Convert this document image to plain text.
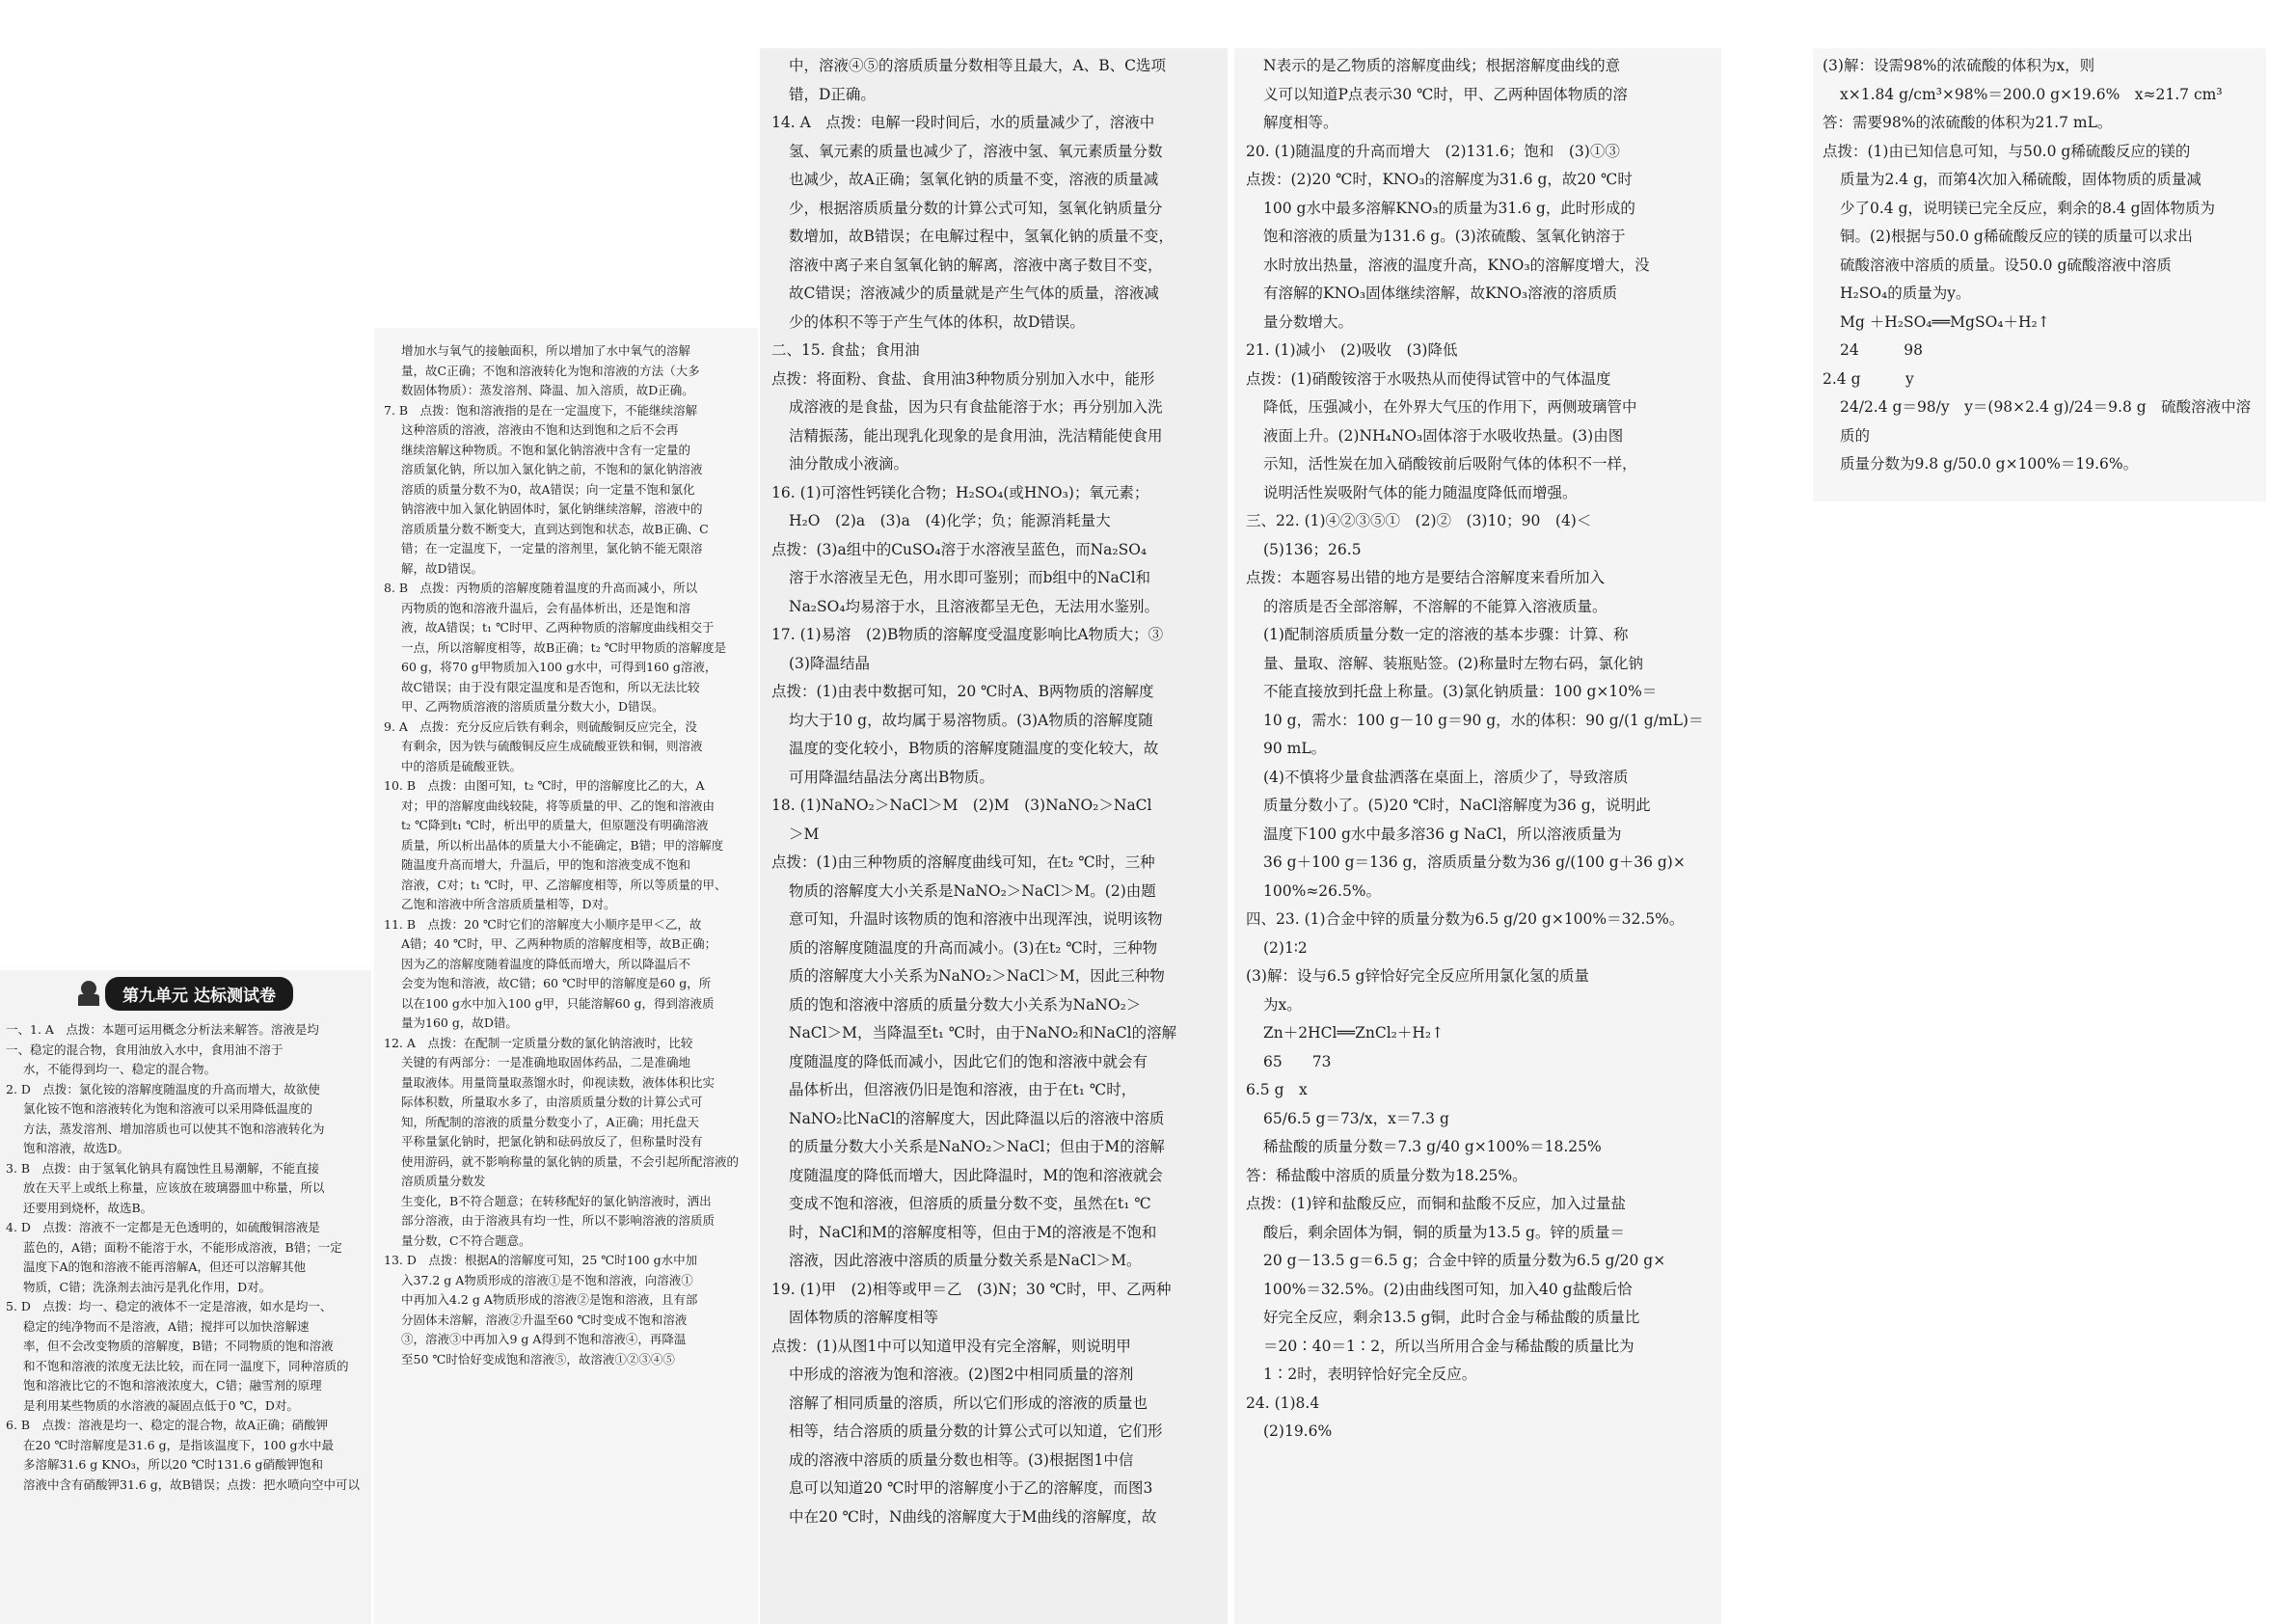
第九单元 达标测试卷

一、1. A　点拨：本题可运用概念分析法来解答。溶液是均

一、稳定的混合物，食用油放入水中，食用油不溶于

水，不能得到均一、稳定的混合物。

2. D　点拨：氯化铵的溶解度随温度的升高而增大，故欲使

氯化铵不饱和溶液转化为饱和溶液可以采用降低温度的

方法，蒸发溶剂、增加溶质也可以使其不饱和溶液转化为

饱和溶液，故选D。

3. B　点拨：由于氢氧化钠具有腐蚀性且易潮解，不能直接

放在天平上或纸上称量，应该放在玻璃器皿中称量，所以

还要用到烧杯，故选B。

4. D　点拨：溶液不一定都是无色透明的，如硫酸铜溶液是

蓝色的，A错；面粉不能溶于水，不能形成溶液，B错；一定

温度下A的饱和溶液不能再溶解A，但还可以溶解其他

物质，C错；洗涤剂去油污是乳化作用，D对。

5. D　点拨：均一、稳定的液体不一定是溶液，如水是均一、

稳定的纯净物而不是溶液，A错；搅拌可以加快溶解速

率，但不会改变物质的溶解度，B错；不同物质的饱和溶液

和不饱和溶液的浓度无法比较，而在同一温度下，同种溶质的

饱和溶液比它的不饱和溶液浓度大，C错；融雪剂的原理

是利用某些物质的水溶液的凝固点低于0 ℃，D对。

6. B　点拨：溶液是均一、稳定的混合物，故A正确；硝酸钾

在20 ℃时溶解度是31.6 g，是指该温度下，100 g水中最

多溶解31.6 g KNO₃，所以20 ℃时131.6 g硝酸钾饱和

溶液中含有硝酸钾31.6 g，故B错误；点拨：把水喷向空中可以

增加水与氧气的接触面积，所以增加了水中氧气的溶解

量，故C正确；不饱和溶液转化为饱和溶液的方法（大多

数固体物质）：蒸发溶剂、降温、加入溶质，故D正确。

7. B　点拨：饱和溶液指的是在一定温度下，不能继续溶解

这种溶质的溶液，溶液由不饱和达到饱和之后不会再

继续溶解这种物质。不饱和氯化钠溶液中含有一定量的

溶质氯化钠，所以加入氯化钠之前，不饱和的氯化钠溶液

溶质的质量分数不为0，故A错误；向一定量不饱和氯化

钠溶液中加入氯化钠固体时，氯化钠继续溶解，溶液中的

溶质质量分数不断变大，直到达到饱和状态，故B正确、C

错；在一定温度下，一定量的溶剂里，氯化钠不能无限溶

解，故D错误。

8. B　点拨：丙物质的溶解度随着温度的升高而减小，所以

丙物质的饱和溶液升温后，会有晶体析出，还是饱和溶

液，故A错误；t₁ ℃时甲、乙两种物质的溶解度曲线相交于

一点，所以溶解度相等，故B正确；t₂ ℃时甲物质的溶解度是

60 g，将70 g甲物质加入100 g水中，可得到160 g溶液，

故C错误；由于没有限定温度和是否饱和，所以无法比较

甲、乙两物质溶液的溶质质量分数大小，D错误。

9. A　点拨：充分反应后铁有剩余，则硫酸铜反应完全，没

有剩余，因为铁与硫酸铜反应生成硫酸亚铁和铜，则溶液

中的溶质是硫酸亚铁。

10. B　点拨：由图可知，t₂ ℃时，甲的溶解度比乙的大，A

对；甲的溶解度曲线较陡，将等质量的甲、乙的饱和溶液由

t₂ ℃降到t₁ ℃时，析出甲的质量大，但原题没有明确溶液

质量，所以析出晶体的质量大小不能确定，B错；甲的溶解度

随温度升高而增大，升温后，甲的饱和溶液变成不饱和

溶液，C对；t₁ ℃时，甲、乙溶解度相等，所以等质量的甲、

乙饱和溶液中所含溶质质量相等，D对。

11. B　点拨：20 ℃时它们的溶解度大小顺序是甲＜乙，故

A错；40 ℃时，甲、乙两种物质的溶解度相等，故B正确；

因为乙的溶解度随着温度的降低而增大，所以降温后不

会变为饱和溶液，故C错；60 ℃时甲的溶解度是60 g，所

以在100 g水中加入100 g甲，只能溶解60 g，得到溶液质

量为160 g，故D错。

12. A　点拨：在配制一定质量分数的氯化钠溶液时，比较

关键的有两部分：一是准确地取固体药品，二是准确地

量取液体。用量筒量取蒸馏水时，仰视读数，液体体积比实

际体积数，所量取水多了，由溶质质量分数的计算公式可

知，所配制的溶液的质量分数变小了，A正确；用托盘天

平称量氯化钠时，把氯化钠和砝码放反了，但称量时没有

使用游码，就不影响称量的氯化钠的质量，不会引起所配溶液的溶质质量分数发

生变化，B不符合题意；在转移配好的氯化钠溶液时，洒出

部分溶液，由于溶液具有均一性，所以不影响溶液的溶质质

量分数，C不符合题意。

13. D　点拨：根据A的溶解度可知，25 ℃时100 g水中加

入37.2 g A物质形成的溶液①是不饱和溶液，向溶液①

中再加入4.2 g A物质形成的溶液②是饱和溶液，且有部

分固体未溶解，溶液②升温至60 ℃时变成不饱和溶液

③，溶液③中再加入9 g A得到不饱和溶液④，再降温

至50 ℃时恰好变成饱和溶液⑤，故溶液①②③④⑤

中，溶液④⑤的溶质质量分数相等且最大，A、B、C选项

错，D正确。

14. A　点拨：电解一段时间后，水的质量减少了，溶液中

氢、氧元素的质量也减少了，溶液中氢、氧元素质量分数

也减少，故A正确；氢氧化钠的质量不变，溶液的质量减

少，根据溶质质量分数的计算公式可知，氢氧化钠质量分

数增加，故B错误；在电解过程中，氢氧化钠的质量不变，

溶液中离子来自氢氧化钠的解离，溶液中离子数目不变，

故C错误；溶液减少的质量就是产生气体的质量，溶液减

少的体积不等于产生气体的体积，故D错误。

二、15. 食盐；食用油

点拨：将面粉、食盐、食用油3种物质分别加入水中，能形

成溶液的是食盐，因为只有食盐能溶于水；再分别加入洗

洁精振荡，能出现乳化现象的是食用油，洗洁精能使食用

油分散成小液滴。

16. (1)可溶性钙镁化合物；H₂SO₄(或HNO₃)；氧元素；

H₂O　(2)a　(3)a　(4)化学；负；能源消耗量大

点拨：(3)a组中的CuSO₄溶于水溶液呈蓝色，而Na₂SO₄

溶于水溶液呈无色，用水即可鉴别；而b组中的NaCl和

Na₂SO₄均易溶于水，且溶液都呈无色，无法用水鉴别。

17. (1)易溶　(2)B物质的溶解度受温度影响比A物质大；③

(3)降温结晶

点拨：(1)由表中数据可知，20 ℃时A、B两物质的溶解度

均大于10 g，故均属于易溶物质。(3)A物质的溶解度随

温度的变化较小，B物质的溶解度随温度的变化较大，故

可用降温结晶法分离出B物质。

18. (1)NaNO₂＞NaCl＞M　(2)M　(3)NaNO₂＞NaCl

＞M

点拨：(1)由三种物质的溶解度曲线可知，在t₂ ℃时，三种

物质的溶解度大小关系是NaNO₂＞NaCl＞M。(2)由题

意可知，升温时该物质的饱和溶液中出现浑浊，说明该物

质的溶解度随温度的升高而减小。(3)在t₂ ℃时，三种物

质的溶解度大小关系为NaNO₂＞NaCl＞M，因此三种物

质的饱和溶液中溶质的质量分数大小关系为NaNO₂＞

NaCl＞M，当降温至t₁ ℃时，由于NaNO₂和NaCl的溶解

度随温度的降低而减小，因此它们的饱和溶液中就会有

晶体析出，但溶液仍旧是饱和溶液，由于在t₁ ℃时，

NaNO₂比NaCl的溶解度大，因此降温以后的溶液中溶质

的质量分数大小关系是NaNO₂＞NaCl；但由于M的溶解

度随温度的降低而增大，因此降温时，M的饱和溶液就会

变成不饱和溶液，但溶质的质量分数不变，虽然在t₁ ℃

时，NaCl和M的溶解度相等，但由于M的溶液是不饱和

溶液，因此溶液中溶质的质量分数关系是NaCl＞M。

19. (1)甲　(2)相等或甲＝乙　(3)N；30 ℃时，甲、乙两种

固体物质的溶解度相等

点拨：(1)从图1中可以知道甲没有完全溶解，则说明甲

中形成的溶液为饱和溶液。(2)图2中相同质量的溶剂

溶解了相同质量的溶质，所以它们形成的溶液的质量也

相等，结合溶质的质量分数的计算公式可以知道，它们形

成的溶液中溶质的质量分数也相等。(3)根据图1中信

息可以知道20 ℃时甲的溶解度小于乙的溶解度，而图3

中在20 ℃时，N曲线的溶解度大于M曲线的溶解度，故

N表示的是乙物质的溶解度曲线；根据溶解度曲线的意

义可以知道P点表示30 ℃时，甲、乙两种固体物质的溶

解度相等。

20. (1)随温度的升高而增大　(2)131.6；饱和　(3)①③

点拨：(2)20 ℃时，KNO₃的溶解度为31.6 g，故20 ℃时

100 g水中最多溶解KNO₃的质量为31.6 g，此时形成的

饱和溶液的质量为131.6 g。(3)浓硫酸、氢氧化钠溶于

水时放出热量，溶液的温度升高，KNO₃的溶解度增大，没

有溶解的KNO₃固体继续溶解，故KNO₃溶液的溶质质

量分数增大。

21. (1)减小　(2)吸收　(3)降低

点拨：(1)硝酸铵溶于水吸热从而使得试管中的气体温度

降低，压强减小，在外界大气压的作用下，两侧玻璃管中

液面上升。(2)NH₄NO₃固体溶于水吸收热量。(3)由图

示知，活性炭在加入硝酸铵前后吸附气体的体积不一样，

说明活性炭吸附气体的能力随温度降低而增强。

三、22. (1)④②③⑤①　(2)②　(3)10；90　(4)＜

(5)136；26.5

点拨：本题容易出错的地方是要结合溶解度来看所加入

的溶质是否全部溶解，不溶解的不能算入溶液质量。

(1)配制溶质质量分数一定的溶液的基本步骤：计算、称

量、量取、溶解、装瓶贴签。(2)称量时左物右码，氯化钠

不能直接放到托盘上称量。(3)氯化钠质量：100 g×10%＝

10 g，需水：100 g－10 g＝90 g，水的体积：90 g/(1 g/mL)＝90 mL。

(4)不慎将少量食盐洒落在桌面上，溶质少了，导致溶质

质量分数小了。(5)20 ℃时，NaCl溶解度为36 g，说明此

温度下100 g水中最多溶36 g NaCl，所以溶液质量为

36 g＋100 g＝136 g，溶质质量分数为36 g/(100 g＋36 g)×

100%≈26.5%。

四、23. (1)合金中锌的质量分数为6.5 g/20 g×100%＝32.5%。

(2)1∶2

(3)解：设与6.5 g锌恰好完全反应所用氯化氢的质量

为x。

Zn＋2HCl══ZnCl₂＋H₂↑

65　　73

6.5 g　x

65/6.5 g＝73/x，x＝7.3 g

稀盐酸的质量分数＝7.3 g/40 g×100%＝18.25%

答：稀盐酸中溶质的质量分数为18.25%。

点拨：(1)锌和盐酸反应，而铜和盐酸不反应，加入过量盐

酸后，剩余固体为铜，铜的质量为13.5 g。锌的质量＝

20 g－13.5 g＝6.5 g；合金中锌的质量分数为6.5 g/20 g×

100%＝32.5%。(2)由曲线图可知，加入40 g盐酸后恰

好完全反应，剩余13.5 g铜，此时合金与稀盐酸的质量比

＝20∶40＝1∶2，所以当所用合金与稀盐酸的质量比为

1∶2时，表明锌恰好完全反应。

24. (1)8.4

(2)19.6%

(3)解：设需98%的浓硫酸的体积为x，则

x×1.84 g/cm³×98%＝200.0 g×19.6%　x≈21.7 cm³

答：需要98%的浓硫酸的体积为21.7 mL。

点拨：(1)由已知信息可知，与50.0 g稀硫酸反应的镁的

质量为2.4 g，而第4次加入稀硫酸，固体物质的质量减

少了0.4 g，说明镁已完全反应，剩余的8.4 g固体物质为

铜。(2)根据与50.0 g稀硫酸反应的镁的质量可以求出

硫酸溶液中溶质的质量。设50.0 g硫酸溶液中溶质

H₂SO₄的质量为y。

Mg ＋H₂SO₄══MgSO₄＋H₂↑

24　　　98

2.4 g　　　y

24/2.4 g＝98/y　y＝(98×2.4 g)/24＝9.8 g　硫酸溶液中溶质的

质量分数为9.8 g/50.0 g×100%＝19.6%。
